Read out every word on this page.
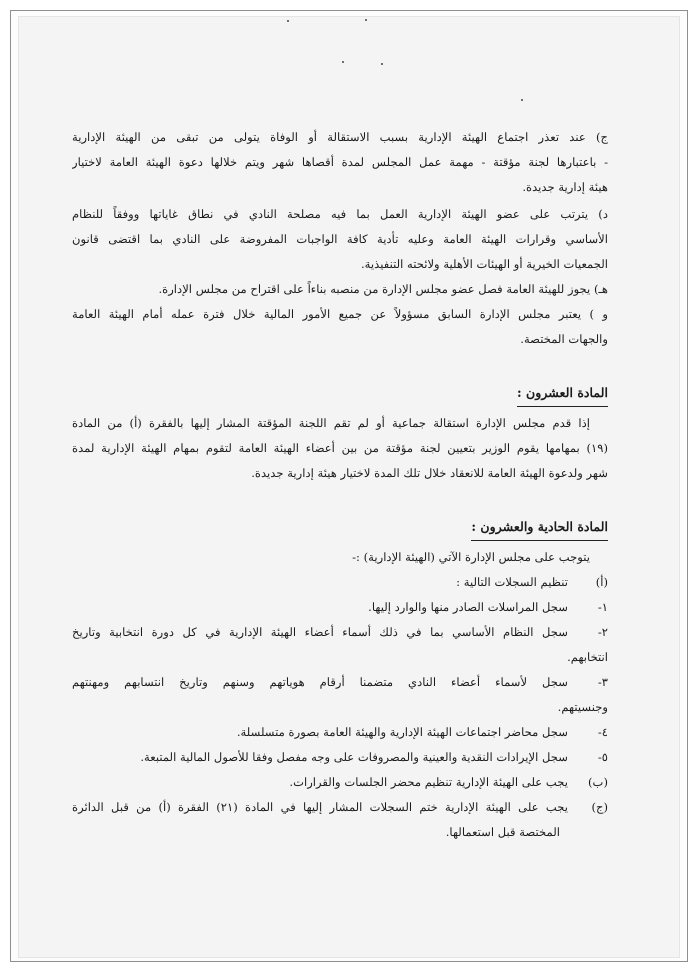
ج) عند تعذر اجتماع الهيئة الإدارية بسبب الاستقالة أو الوفاة يتولى من تبقى من الهيئة الإدارية
- باعتبارها لجنة مؤقتة - مهمة عمل المجلس لمدة أقصاها شهر ويتم خلالها دعوة الهيئة العامة لاختيار
هيئة إدارية جديدة.
د) يترتب على عضو الهيئة الإدارية العمل بما فيه مصلحة النادي في نطاق غاياتها ووفقاً للنظام
الأساسي وقرارات الهيئة العامة وعليه تأدية كافة الواجبات المفروضة على النادي بما اقتضى قانون
الجمعيات الخيرية أو الهيئات الأهلية ولائحته التنفيذية.
هـ) يجوز للهيئة العامة فصل عضو مجلس الإدارة من منصبه بناءاً على اقتراح من مجلس الإدارة.
و ) يعتبر مجلس الإدارة السابق مسؤولاً عن جميع الأمور المالية خلال فترة عمله أمام الهيئة العامة
والجهات المختصة.
المادة العشرون :
إذا قدم مجلس الإدارة استقالة جماعية أو لم تقم اللجنة المؤقتة المشار إليها بالفقرة (أ) من المادة
(١٩) بمهامها يقوم الوزير بتعيين لجنة مؤقتة من بين أعضاء الهيئة العامة لتقوم بمهام الهيئة الإدارية لمدة
شهر ولدعوة الهيئة العامة للانعقاد خلال تلك المدة لاختيار هيئة إدارية جديدة.
المادة الحادية والعشرون :
يتوجب على مجلس الإدارة الآتي (الهيئة الإدارية) :-
(أ)
تنظيم السجلات التالية :
١-
سجل المراسلات الصادر منها والوارد إليها.
٢-
سجل النظام الأساسي بما في ذلك أسماء أعضاء الهيئة الإدارية في كل دورة انتخابية وتاريخ
انتخابهم.
٣-
سجل لأسماء أعضاء النادي متضمنا أرقام هوياتهم وسنهم وتاريخ انتسابهم ومهنتهم
وجنسيتهم.
٤-
سجل محاضر اجتماعات الهيئة الإدارية والهيئة العامة بصورة متسلسلة.
٥-
سجل الإيرادات النقدية والعينية والمصروفات على وجه مفصل وفقا للأصول المالية المتبعة.
(ب)
يجب على الهيئة الإدارية تنظيم محضر الجلسات والقرارات.
(ج)
يجب على الهيئة الإدارية ختم السجلات المشار إليها في المادة (٢١) الفقرة (أ) من قبل الدائرة
المختصة قبل استعمالها.
